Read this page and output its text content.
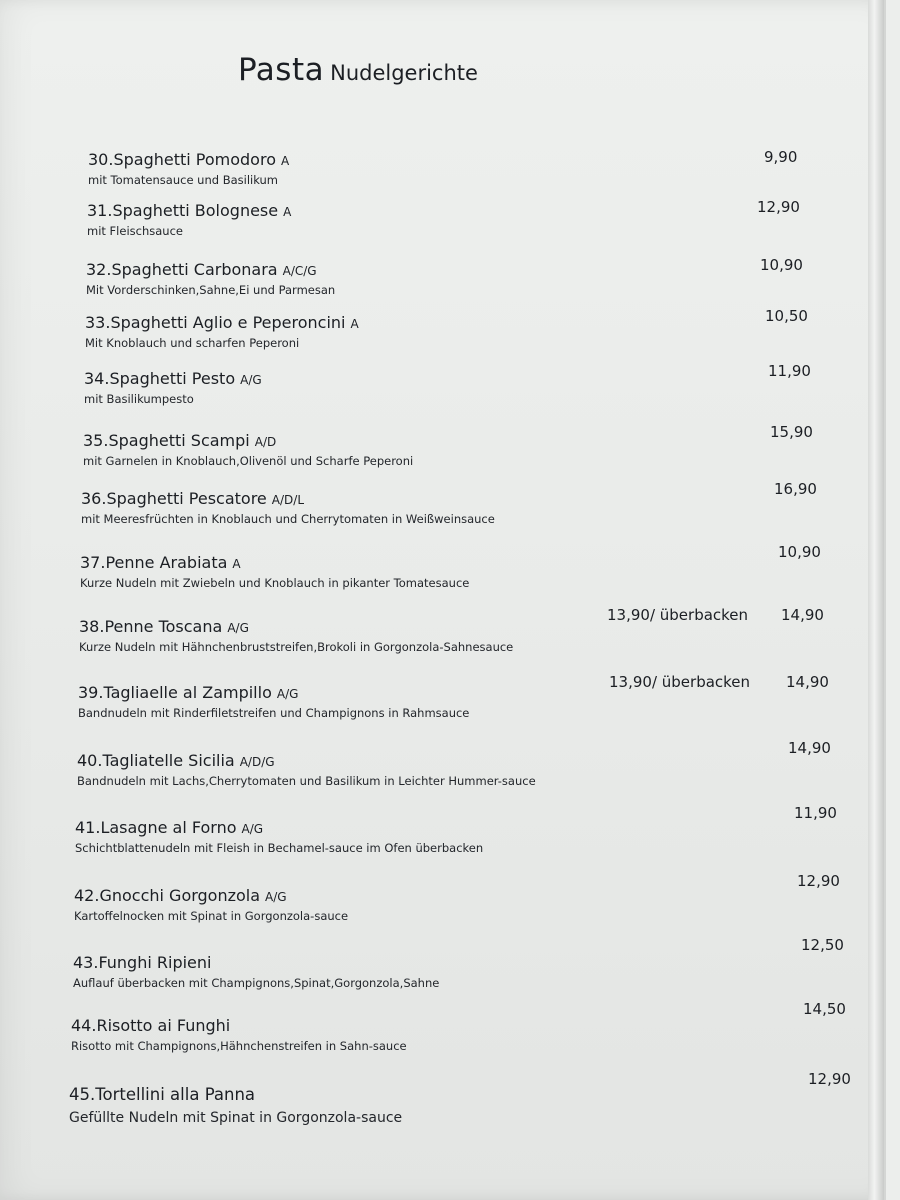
Pasta Nudelgerichte
30.Spaghetti Pomodoro A
mit Tomatensauce und Basilikum
9,90
31.Spaghetti Bolognese A
mit Fleischsauce
12,90
32.Spaghetti Carbonara A/C/G
Mit Vorderschinken,Sahne,Ei und Parmesan
10,90
33.Spaghetti Aglio e Peperoncini A
Mit Knoblauch und scharfen Peperoni
10,50
34.Spaghetti Pesto A/G
mit Basilikumpesto
11,90
35.Spaghetti Scampi A/D
mit Garnelen in Knoblauch,Olivenöl und Scharfe Peperoni
15,90
36.Spaghetti Pescatore A/D/L
mit Meeresfrüchten in Knoblauch und Cherrytomaten in Weißweinsauce
16,90
37.Penne Arabiata A
Kurze Nudeln mit Zwiebeln und Knoblauch in pikanter Tomatesauce
10,90
38.Penne Toscana A/G
Kurze Nudeln mit Hähnchenbruststreifen,Brokoli in Gorgonzola-Sahnesauce
13,90/ überbacken 14,90
39.Tagliaelle al Zampillo A/G
Bandnudeln mit Rinderfiletstreifen und Champignons in Rahmsauce
13,90/ überbacken 14,90
40.Tagliatelle Sicilia A/D/G
Bandnudeln mit Lachs,Cherrytomaten und Basilikum in Leichter Hummer-sauce
14,90
41.Lasagne al Forno A/G
Schichtblattenudeln mit Fleish in Bechamel-sauce im Ofen überbacken
11,90
42.Gnocchi Gorgonzola A/G
Kartoffelnocken mit Spinat in Gorgonzola-sauce
12,90
43.Funghi Ripieni
Auflauf überbacken mit Champignons,Spinat,Gorgonzola,Sahne
12,50
44.Risotto ai Funghi
Risotto mit Champignons,Hähnchenstreifen in Sahn-sauce
14,50
45.Tortellini alla Panna
Gefüllte Nudeln mit Spinat in Gorgonzola-sauce
12,90
